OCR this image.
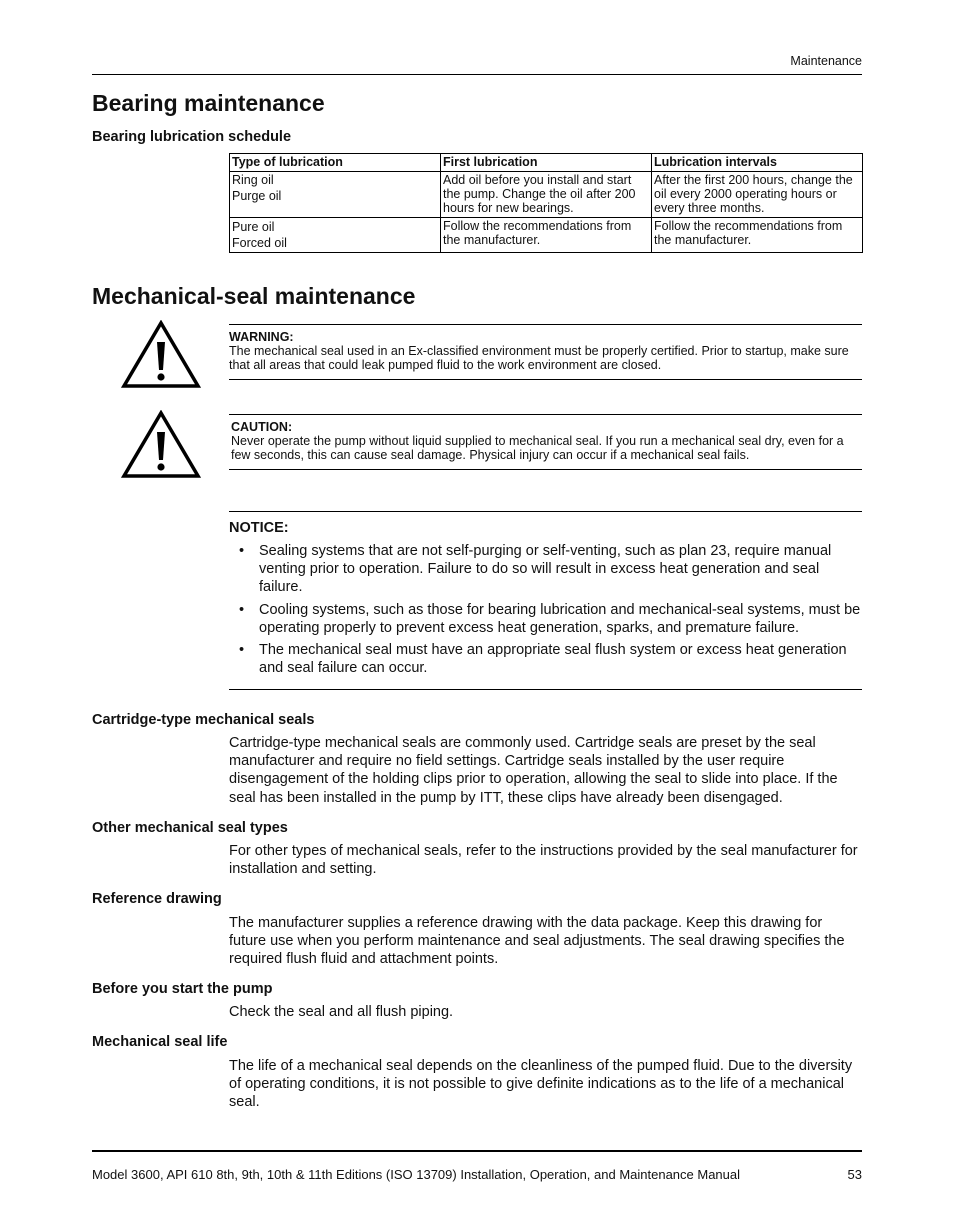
Maintenance
Bearing maintenance
Bearing lubrication schedule
Type of lubrication	First lubrication	Lubrication intervals

Ring oil
Purge oil	Add oil before you install and start the pump. Change the oil after 200 hours for new bearings.	After the first 200 hours, change the oil every 2000 operating hours or every three months.

Pure oil
Forced oil	Follow the recommendations from the manufacturer.	Follow the recommendations from the manufacturer.
Mechanical-seal maintenance
WARNING:
The mechanical seal used in an Ex-classified environment must be properly certified. Prior to startup, make sure that all areas that could leak pumped fluid to the work environment are closed.
CAUTION:
Never operate the pump without liquid supplied to mechanical seal. If you run a mechanical seal dry, even for a few seconds, this can cause seal damage. Physical injury can occur if a mechanical seal fails.
NOTICE:
• Sealing systems that are not self-purging or self-venting, such as plan 23, require manual venting prior to operation. Failure to do so will result in excess heat generation and seal failure.
• Cooling systems, such as those for bearing lubrication and mechanical-seal systems, must be operating properly to prevent excess heat generation, sparks, and premature failure.
• The mechanical seal must have an appropriate seal flush system or excess heat generation and seal failure can occur.
Cartridge-type mechanical seals

Cartridge-type mechanical seals are commonly used. Cartridge seals are preset by the seal manufacturer and require no field settings. Cartridge seals installed by the user require disengagement of the holding clips prior to operation, allowing the seal to slide into place. If the seal has been installed in the pump by ITT, these clips have already been disengaged.

Other mechanical seal types

For other types of mechanical seals, refer to the instructions provided by the seal manufacturer for installation and setting.

Reference drawing

The manufacturer supplies a reference drawing with the data package. Keep this drawing for future use when you perform maintenance and seal adjustments. The seal drawing specifies the required flush fluid and attachment points.

Before you start the pump

Check the seal and all flush piping.

Mechanical seal life

The life of a mechanical seal depends on the cleanliness of the pumped fluid. Due to the diversity of operating conditions, it is not possible to give definite indications as to the life of a mechanical seal.

Model 3600, API 610 8th, 9th, 10th & 11th Editions (ISO 13709) Installation, Operation, and Maintenance Manual	53
